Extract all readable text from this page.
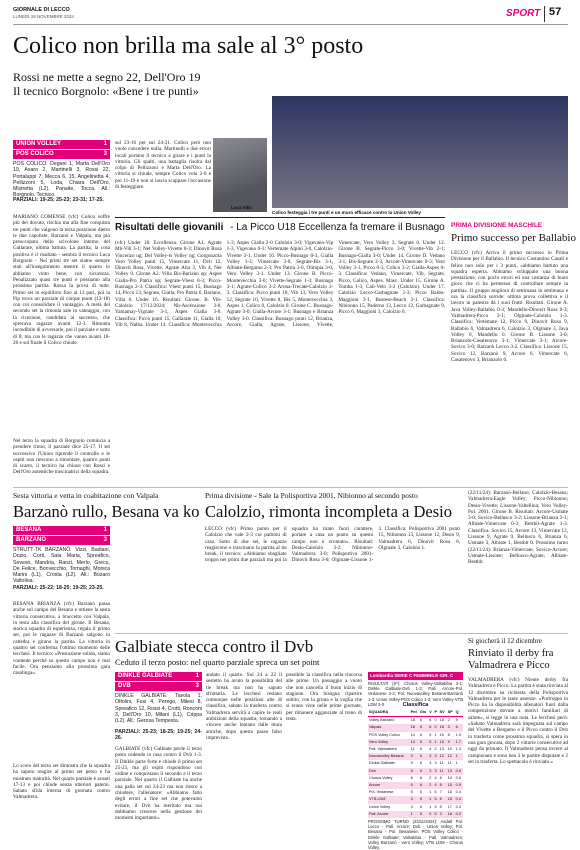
GIORNALE DI LECCO
LUNEDÌ 18 NOVEMBRE 2024	SPORT 57
Colico non brilla ma sale al 3° posto
Rossi ne mette a segno 22, Dell'Oro 19
Il tecnico Borgnolo: «Bene i tre punti»
UNION VOLLEY	1
POS COLICO	3
POS COLICO: Degani 1, Marta Dell'Oro 19, Asaro 2, Martinelli 3, Rossi 22, Portaluppi 7, Mecca 6, 15, Angelinetta 4, Pellizzoni 5, Loda, Chiara Dell'Oro, Mistretta (L2). Panaite, Tocca. All.: Borgnolo. Tecnico.
PARZIALI: 19-25; 25-23; 23-31; 17-25.
MARIANO COMENSE (vfc) Colico soffre più del dovuto, rischia ma alla fine conquista tre punti che valgono la terza posizione dietro le due capoliste, Barzanò e Valpala, ma più preoccupata dello scivolone interno del Gallarate, ultima battuta. La partita, la cosa positiva è il risultato - sembra il tecnico Luca Borgnolo - Nei primi tre set siamo sempre stati all'inseguimento mentre il quarto lo abbiamo vinto bene, con sicurezza. Penalizzato quasi tre punti e possiamo alla prossima partita. Rossa la prova di tutte. Primo set in equilibrio fino al 13 pari, poi la Pip trova un parziale di cinque punti (13-18) con cui consolidare il vantaggio. A metà del secondo set la rimonta sale in vantaggio, con la ricezione, candidata al successo, che sprecava ragazze avanti 12-3. Rimonta incredibile di avversarie, poi il parziale e sotto di 8, ma con le ragazze che vanno avanti 18-20 e sul finale il Colico chiude.
Nel terzo la squadra di Borgnolo comincia a prendere ritmo, il parziale dice 25-17. Il set successivo l'Union riprende il controllo e le ospiti non riescono a rimontare, quattro punti di scarto, il tecnico ha chiuso con Rossi e Dell'Oro autentiche trascinatrici della squadra.
sul 23-16 per sul 24-21. Colico però non vuole concedere nulla. Martinelli e due errori locali portano il tecnico a girare e i punti la vittoria. Gli spalti, una battaglia risolta dal colpo di Pellizzoni e Marta Dell'Oro. La vittoria si chiude, sempre Colico vola 2-8 e poi 11-19 e non si lascia scappare l'occasione di festeggiare.
Luca Villa
Colico festeggia i tre punti e un muro efficace contro la Union Volley
Risultati delle giovanili - La Picco U18 Eccellenza fa tremare il Busnago
(vfc) Under 18. Eccellenza. Girone A1. Agrate Mb-Vib 3-1; Net Volley-Vivette 0-3; Dinovit Rosa Vincenzo ug; Del Volley-ts Volley ug; Gorgonzola Vero Volley punti 15, Vimercate 11, Dvb 12, Dinovit Rosa, Vivette, Agrate Alta 3, Vib 4, Net Volley 0. Girone A2. Villa Bis-Bariano op; Aspes Gialla-Pro Patria op; Segrate-Vbest 0-3; Picco-Busnago 2-3. Classifica: Vbest punti 15, Busnago 14, Picco 13, Segrate, Gialla, Pro Patria 6, Bariano, Villa 0. Under 16. Risultati: Girone. B. Vib-Calolzio 17/12/2024; Nb-Ascensione 3-0, Yamamay-Vignate 3-1, Aspes Gialla 3-0. Classifica: Picco punti 15, Gallarate 11, Gialla 10, Vib 8, Nalba. Under 14. Classifica: Montevecchia 1-3; Aspes Gialla 2-0 Calolzio 3-0; Vigevano-Vip 1-3, Vigevano 0-3; Vertemate Alpini 3-0, Calolzio-Vivette 3-1. Under 16. Picco-Busnago 0-3, Gialla Volley 1-3; Vimercate 3-0, Segrate-Bis 3-1, Albiate-Bergamo 2-3; Pro Patria 3-0, Olimpia 3-0, Vero Volley 3-1. Under 13. Girone B. Picco-Montevecchia 3-0; Vivette-Segrate 1-3; Busnago 3-1; Agrate-Colico 3-2 Arona-Trecate-Calolzio 2-3. Classifica: Picco punti 18, Vib 13, Vero Volley 12, Segrate 10, Vivette 8, Bis 5, Montevecchia 3, Aspes 1, Colico 0, Calolzio 0. Girone C. Busnago-Agrate 3-0; Gialla-Arcore 3-1; Busnago e Brianza Volley 3-0. Classifica: Busnago punti 12, Brianza, Arcore, Gialla, Agrate, Lissone, Vivette, Vimercate, Vero Volley 3, Segrate 0. Under 12. Girone B. Segrate-Picco 3-0; Vivette-Vib 2-1; Busnago-Gialla 3-0; Under 14. Girone D. Vedano 3-1; Bis-Segrate 2-3, Arcore-Vimercate 0-3; Vero Volley 3-1, Picco 0-3, Colico 3-2; Gialla-Aspes 0-3. Classifica: Vedano, Vimercate, Vib, Segrate, Picco, Colico, Aspes. Masc. Under 15. Girone A. Tomba 1-3, Cali-Velo 3-2 (Calolzio). Under 17. Calolzio Lecco-Garbagnate 1-3; Picco Baldo-Maggioni 3-1, Bustese-Beach 3-1. Classifica: Nibionno 15, Paderno 13, Lecco 12, Garbagnate 9, Picco 6, Maggioni 3, Calolzio 0.
PRIMA DIVISIONE MASCHILE
Primo successo per Ballabio
LECCO (vfc) Arriva il primo successo in Prima Divisione per il Ballabio. Il tecnico Costantino Casali e felice non solo per i 3 punti, «abbiamo battuto una squadra esperta. Abbiamo sviluppato una buona prestazione, con pochi errori ed una costanza di buon gioco che ci ha permesso di controllare sempre la partita». Il gruppo migliora di settimana in settimana e ora la classifica sorride: ottima prova collettiva e il lavoro in palestra dà i suoi frutti. Risultati. Girone A. Java Volley-Ballabio 0-3; Mandello-Dinovit Rosa 0-3; Valmadrera-Picco 3-1; Olginate-Calolzio 1-3. Classifica: Vertemate 12, Picco 9, Dinovit Rosa 9, Ballabio 6, Valmadrera 6, Calolzio 3, Olginate 3, Java Volley 0, Mandello 0. Girone B. Lissone 3-0; Brianzolo-Casatenovo 3-1; Vimercate 3-1; Arcore-Sovico 3-0; Barzanò Lecco 3-2. Classifica: Lissone 15, Sovico 12, Barzanò 9, Arcore 6, Vimercate 6, Casatenovo 3, Brianzolo 0.
Sesta vittoria e vetta in coabitazione con Valpala
Barzanò rullo, Besana va ko
BESANA	1
BARZANÒ	3
STRUTT-TK BARZANÒ: Vizzi, Badiani, Dozio, Corti, Sala Maria, Spreafico, Seveso, Mandria, Ranzi, Merlo, Grecu, De Felice, Bonvecchio, Tornaghi, Monica Marini (L1), Crosta (L2). All.: Bozaro Valtolina.
PARZIALI: 25-22; 18-25; 19-25; 23-25.
BESANA BRIANZA (vfc) Barzanò passa anche sul campo del Besana e ottiene la sesta vittoria consecutiva, a braccetto con Valpala, in testa alla classifica del girone. Il Besana, storica squadra di esperienza, regala il primo set, poi le ragazze di Barzanò salgono in cattedra e girano la partita. La vittoria in quattro set conferma l'ottimo momento delle lecchesi. Il tecnico: «Prestazione solida, siamo contente perchè su questo campo non è mai facile. Ora pensiamo alla prossima gara casalinga».
Lo score del terzo set dimostra che la squadra ha saputo reagire al primo set perso e ha mostrato maturità. Nel quarto parziale è avanti 17-13 e poi chiude senza ulteriori patemi. Sabato sfida interna di giornata contro Valmadrera.
Prima divisione - Sale la Polisportiva 2001, Nibionno al secondo posto
Calolzio, rimonta incompleta a Desio
LECCO (vfc) Primo punto per il Calolzio che vale 2-3 coi padroni di casa. Sotto di due set, le ragazze reagiscono e trascinano la partita al tie break, il tecnico: «Abbiamo sbagliato troppo nei primi due parziali ma poi la squadra ha tirato fuori carattere, portare a casa un punto su questo campo non è scontato». Risultati: Desio-Calolzio 3-2; Nibionno-Valmadrera 3-0; Polisportiva 2001-Dinovit Rosa 3-0; Olginate-Lissone 1-3. Classifica: Polisportiva 2001 punti 15, Nibionno 13, Lissone 12, Desio 9, Valmadrera 6, Dinovit Rosa 6, Olginate 3, Calolzio 1.
(22/11/24): Barzanò-Bellano; Calolzio-Besana; Valmadrera-Eagle Volley; Picco-Nibionno; Desio-Vivette; Lissone-Valtellina; Vero Volley-Pol. 2001. Girone B. Risultati: Arcore-Usmate 3-0; Sovico-Bellusco 3-2; Lissone-Brianza 3-1; Albiate-Vimercate 0-3; Bestbit-Agrate 1-3. Classifica: Sovico 15, Arcore 13, Vimercate 12, Lissone 9, Agrate 9, Bellusco 6, Brianza 6, Usmate 3, Albiate 1, Bestbit 0. Prossimo turno (22/11/24): Brianza-Vimercate; Sovico-Arcore; Usmate-Lissone; Bellusco-Agrate; Albiate-Bestbit.
Galbiate stecca contro il Dvb
Ceduto il terzo posto: nel quarto parziale spreca un set point
DINKLE GALBIATE	1
DVB	3
DINKLE GALBIATE: Tavola 1, Ottolini, Fusi 4, Perego, Milesi 8, Spreafico 12, Rossi 4, Crotti, Ronconi 3, Dell'Oro 10, Milani (L1), Crippa (L2). All.: Gerosa Tempesta.
PARZIALI: 25-23; 18-25; 19-25; 24-26.
GALBIATE (vfc) Galbiate perde il terzo posto cedendo in casa contro il Dvb 1-3. Il Dinkle parte forte e chiude il primo set 25-23, ma gli ospiti rispondono con ordine e conquistano il secondo e il terzo parziale. Nel quarto il Galbiate ha anche una palla set sul 24-23 ma non riesce a chiudere, l'allenatore: «Abbiamo fatto degli errori a fine set che potevamo evitare, il Dvb ha meritato ma noi dobbiamo crescere nella gestione dei momenti importanti».
andato il quarto. Sul 24 a 22 il sestetto ha avuto la possibilità del tie break ma non ha saputo sfruttarla. Le lecchesi restano comunque nelle posizioni alte di classifica, sabato la trasferta contro Valmadrera servirà a capire le reali ambizioni della squadra, tornando a vincere anche lontano dalle mura amiche, dopo questo passo falso imprevisto.
possibile la classifica nella rincorsa alle prime. Un passaggio a vuoto che non cancella il buon inizio di stagione. Ora bisogna ripartire subito, con la grinta e la voglia che si erano viste nelle prime giornate, per rimanere agganciate al treno di testa.
Lombardia SERIE C FEMMINILE GIR. C
RISULTATI (8^): Chorus Volley-Valsabbia 3-1; Dinkle Galbiate-Dvb 1-3; Pall. Arcore-Pol. Vedanese 3-2; Pol. Nuovavolley Besana-Barzanò 1-3; Union Volley-POS Colico 1-3; Vero Volley-VTB LDM 3-0.	Classifica
SQUADRA	Pnt	Gio	V	P	SV	SP	Q
Volley Barzanò	18	6	6	0	18	2	9
Valpala	18	6	6	0	18	3	6
POS Volley Colico	14	6	5	1	15	8	1.9
Vero Volley	14	6	5	1	15	9	1.7
Pall. Valmadrera	11	6	4	2	13	10	1.3
Nuovavolley Besana	9	6	3	3	12	12	1
Dinkle Galbiate	9	6	3	3	11	11	1
Dvb	8	6	3	3	11	13	0.8
Chorus Volley	6	6	2	4	8	14	0.6
Arcore	5	6	2	4	8	15	0.5
Pol. Vedanese	5	6	1	5	7	16	0.4
VTB LDM	3	6	1	5	6	15	0.4
Union Volley	3	6	1	5	5	17	0.3
Pall. Arcore	1	6	0	6	3	18	0.2
PROSSIMO TURNO (23/11/2024): Asdatl Pol. Lecco - Pall. Arcore; Dvb - Union Volley; Pol. Besana - Pol. Besanese; POS Volley Colico - Dinkle Galbiate; Valsabbia - Pall. Valmadrera; Volley Barzanò - Vero Volley; VTB LDM - Chorus Volley.
Si giocherà il 12 dicembre
Rinviato il derby fra Valmadrera e Picco
VALMADRERA (vfc) Niente derby fra Valmadrera e Picco. La partita è stata rinviata al 12 dicembre su richiesta della Polisportiva Valmadrera per le tante assenze. «Purtroppo in Picco ha la disponibilità allenatori fuori dalla competizione dovute a motivi familiari di salute», si legge in una nota. Le lecchesi però: «Sabato Valmadrera sarà impegnata sul campo del Vivette a Bergamo e il Picco contro il Dvb in trasferta come prossima squadra, si spera in una gara giocata, dopo 2 vittorie consecutive ad oggi da primato. Il Valmadrera pensa invece al campionato e sono ben 3 le partite disputate e 2 set in trasferta. Lo spettacolo è rinviato.»
